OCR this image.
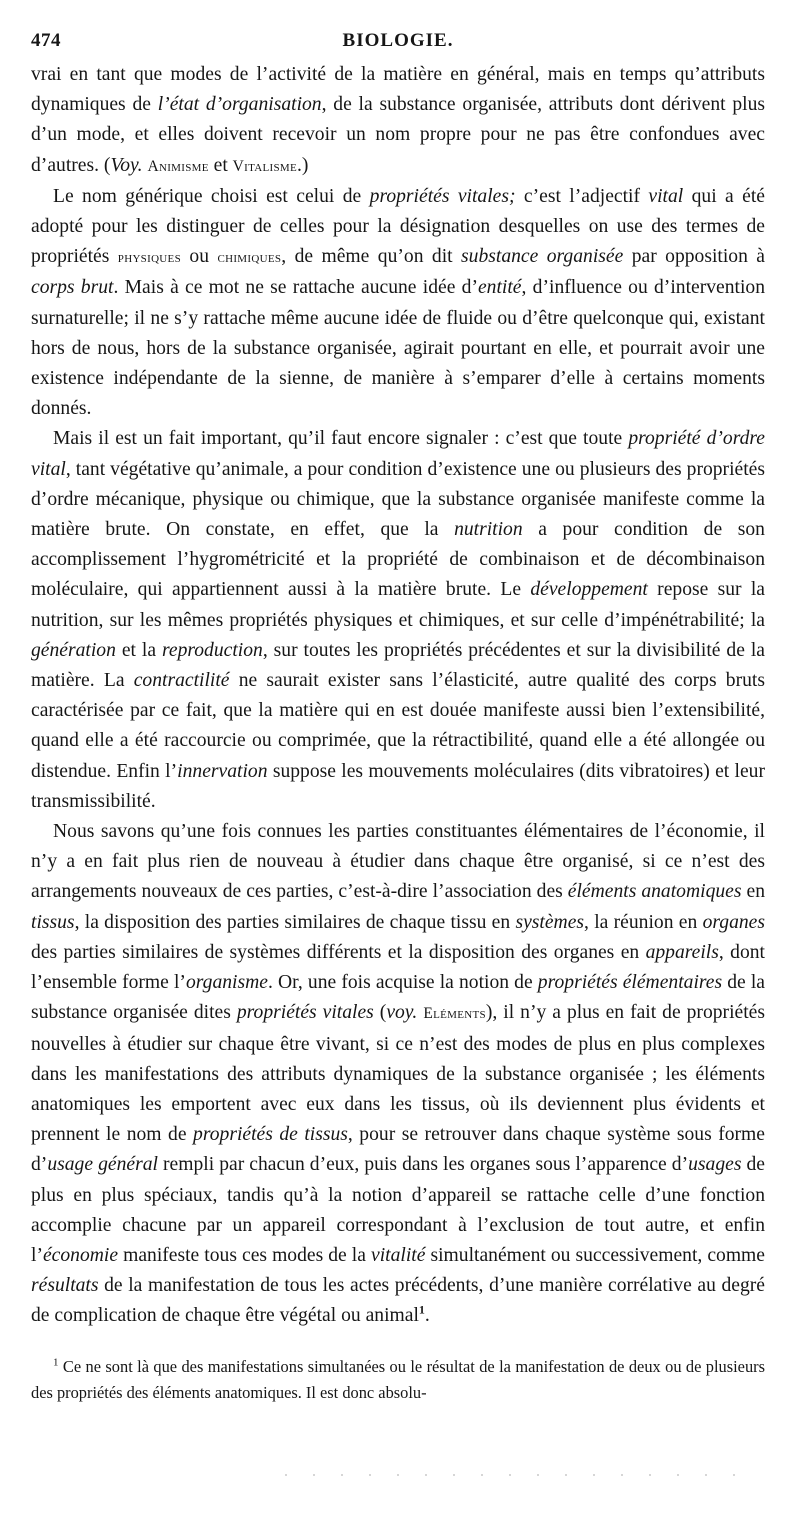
474	BIOLOGIE.

vrai en tant que modes de l’activité de la matière en général, mais en temps qu’attributs dynamiques de l’état d’organisation, de la substance organisée, attributs dont dérivent plus d’un mode, et elles doivent recevoir un nom propre pour ne pas être confondues avec d’autres. (Voy. Animisme et Vitalisme.)

Le nom générique choisi est celui de propriétés vitales; c’est l’adjectif vital qui a été adopté pour les distinguer de celles pour la désignation desquelles on use des termes de propriétés physiques ou chimiques, de même qu’on dit substance organisée par opposition à corps brut. Mais à ce mot ne se rattache aucune idée d’entité, d’influence ou d’intervention surnaturelle; il ne s’y rattache même aucune idée de fluide ou d’être quelconque qui, existant hors de nous, hors de la substance organisée, agirait pourtant en elle, et pourrait avoir une existence indépendante de la sienne, de manière à s’emparer d’elle à certains moments donnés.

Mais il est un fait important, qu’il faut encore signaler : c’est que toute propriété d’ordre vital, tant végétative qu’animale, a pour condition d’existence une ou plusieurs des propriétés d’ordre mécanique, physique ou chimique, que la substance organisée manifeste comme la matière brute. On constate, en effet, que la nutrition a pour condition de son accomplissement l’hygrométricité et la propriété de combinaison et de décombinaison moléculaire, qui appartiennent aussi à la matière brute. Le développement repose sur la nutrition, sur les mêmes propriétés physiques et chimiques, et sur celle d’impénétrabilité; la génération et la reproduction, sur toutes les propriétés précédentes et sur la divisibilité de la matière. La contractilité ne saurait exister sans l’élasticité, autre qualité des corps bruts caractérisée par ce fait, que la matière qui en est douée manifeste aussi bien l’extensibilité, quand elle a été raccourcie ou comprimée, que la rétractibilité, quand elle a été allongée ou distendue. Enfin l’innervation suppose les mouvements moléculaires (dits vibratoires) et leur transmissibilité.

Nous savons qu’une fois connues les parties constituantes élémentaires de l’économie, il n’y a en fait plus rien de nouveau à étudier dans chaque être organisé, si ce n’est des arrangements nouveaux de ces parties, c’est-à-dire l’association des éléments anatomiques en tissus, la disposition des parties similaires de chaque tissu en systèmes, la réunion en organes des parties similaires de systèmes différents et la disposition des organes en appareils, dont l’ensemble forme l’organisme. Or, une fois acquise la notion de propriétés élémentaires de la substance organisée dites propriétés vitales (voy. Eléments), il n’y a plus en fait de propriétés nouvelles à étudier sur chaque être vivant, si ce n’est des modes de plus en plus complexes dans les manifestations des attributs dynamiques de la substance organisée ; les éléments anatomiques les emportent avec eux dans les tissus, où ils deviennent plus évidents et prennent le nom de propriétés de tissus, pour se retrouver dans chaque système sous forme d’usage général rempli par chacun d’eux, puis dans les organes sous l’apparence d’usages de plus en plus spéciaux, tandis qu’à la notion d’appareil se rattache celle d’une fonction accomplie chacune par un appareil correspondant à l’exclusion de tout autre, et enfin l’économie manifeste tous ces modes de la vitalité simultanément ou successivement, comme résultats de la manifestation de tous les actes précédents, d’une manière corrélative au degré de complication de chaque être végétal ou animal$^1$.

$^1$ Ce ne sont là que des manifestations simultanées ou le résultat de la manifestation de deux ou de plusieurs des propriétés des éléments anatomiques. Il est donc absolu-
